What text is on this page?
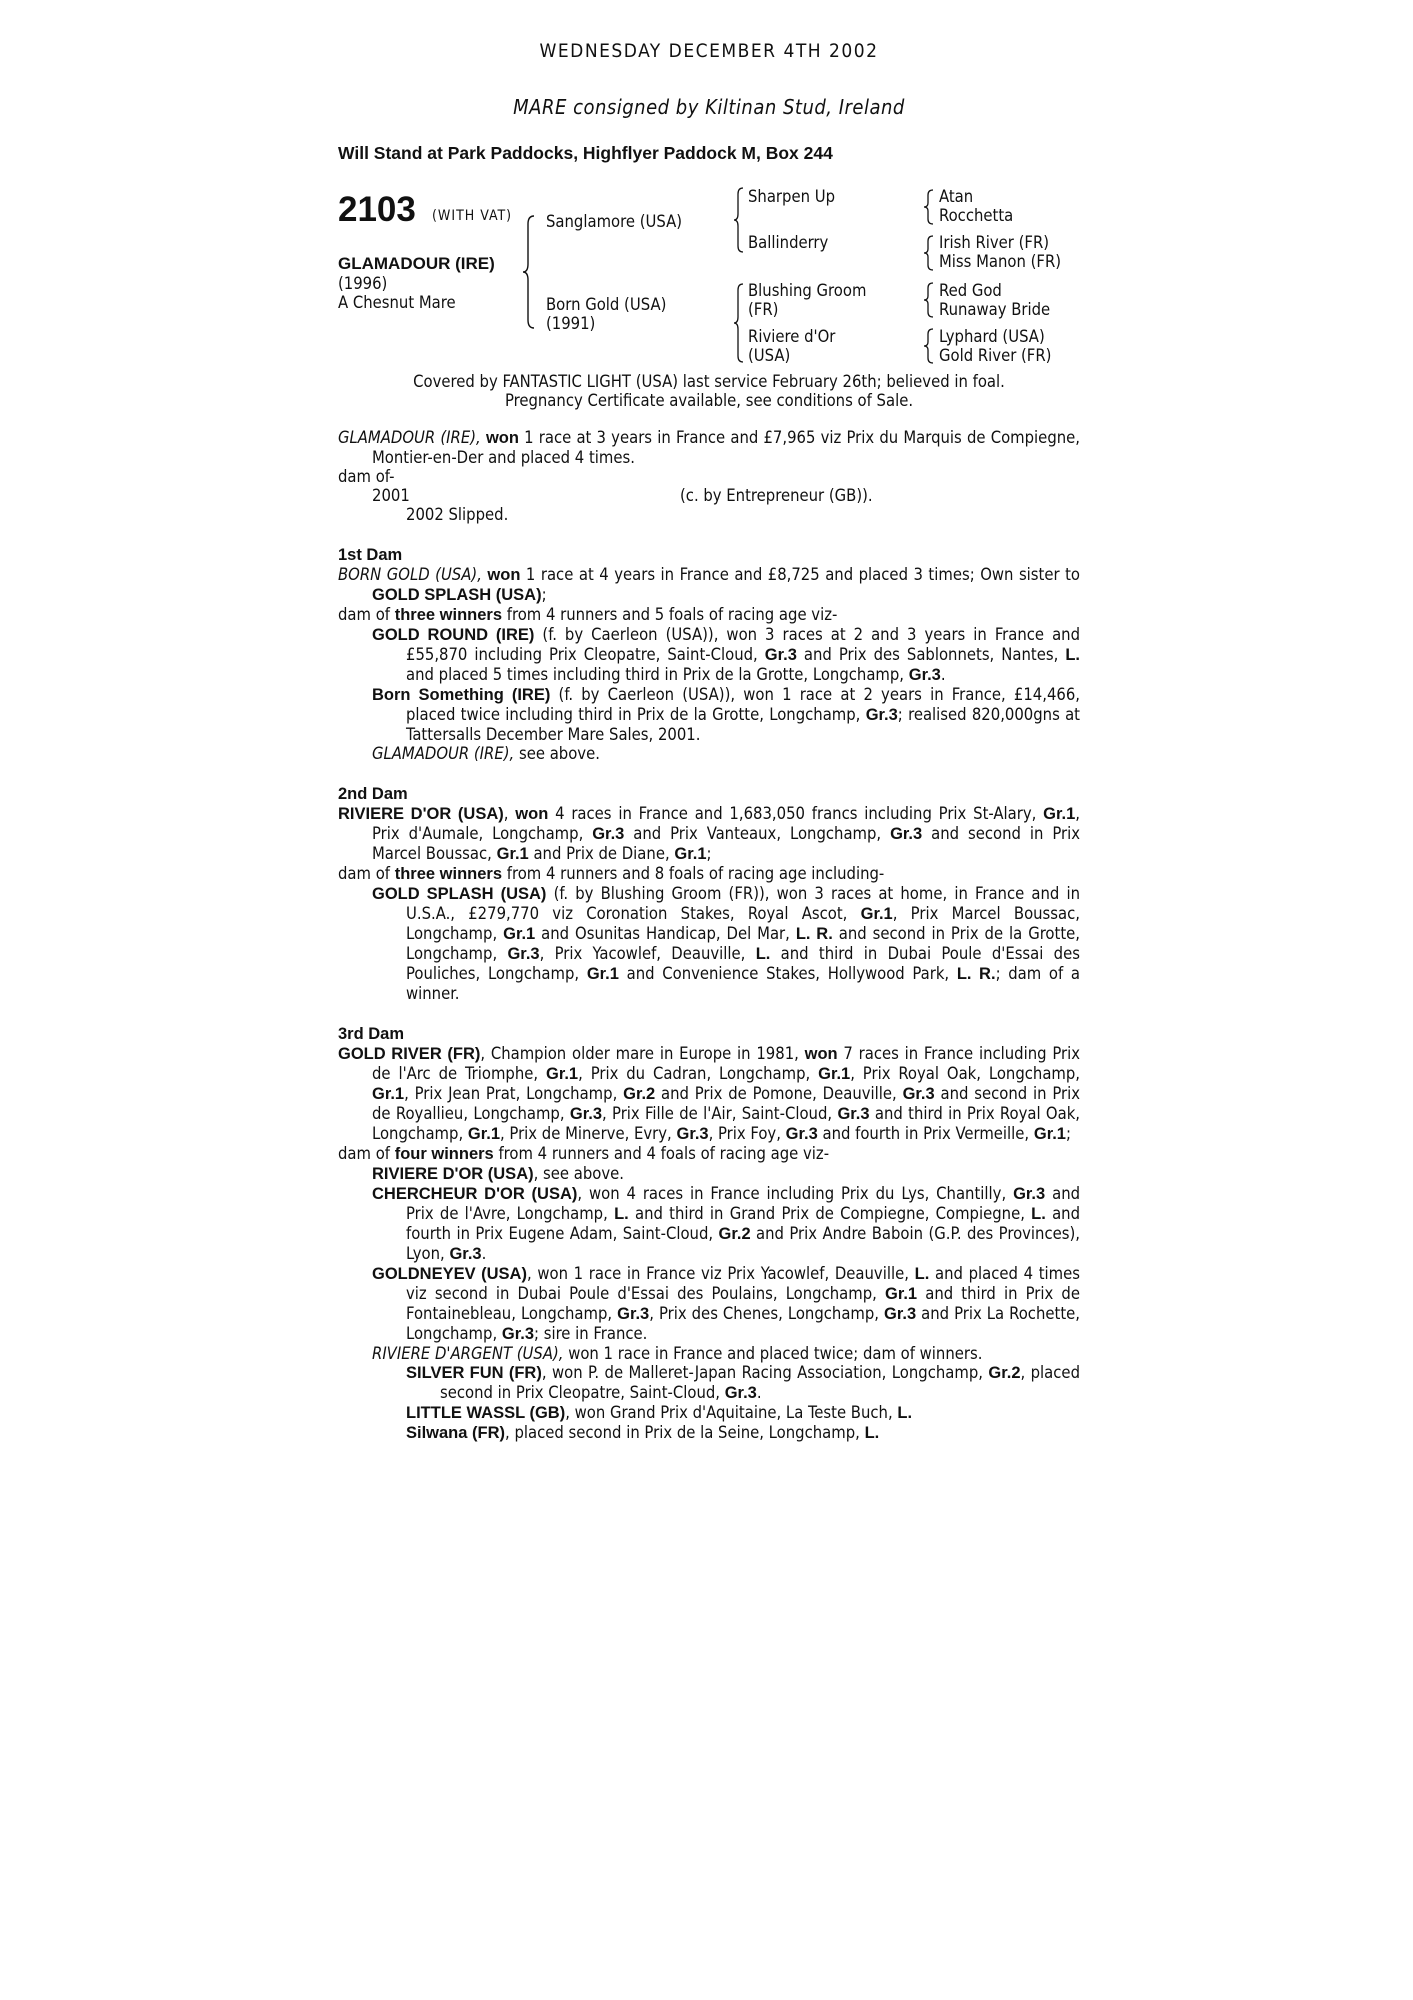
WEDNESDAY DECEMBER 4TH 2002
MARE consigned by Kiltinan Stud, Ireland
Will Stand at Park Paddocks, Highflyer Paddock M, Box 244
2103 (WITH VAT)
GLAMADOUR (IRE)
(1996)
A Chesnut Mare
Sanglamore (USA)
Born Gold (USA)
(1991)
Sharpen Up
Ballinderry
Blushing Groom
(FR)
Riviere d'Or
(USA)
Atan
Rocchetta
Irish River (FR)
Miss Manon (FR)
Red God
Runaway Bride
Lyphard (USA)
Gold River (FR)
Covered by FANTASTIC LIGHT (USA) last service February 26th; believed in foal.
Pregnancy Certificate available, see conditions of Sale.

GLAMADOUR (IRE), won 1 race at 3 years in France and £7,965 viz Prix du Marquis de Compiegne, Montier-en-Der and placed 4 times.

dam of-

2001	(c. by Entrepreneur (GB)).

2002 Slipped.

1st Dam

BORN GOLD (USA), won 1 race at 4 years in France and £8,725 and placed 3 times; Own sister to GOLD SPLASH (USA);

dam of three winners from 4 runners and 5 foals of racing age viz-

GOLD ROUND (IRE) (f. by Caerleon (USA)), won 3 races at 2 and 3 years in France and £55,870 including Prix Cleopatre, Saint-Cloud, Gr.3 and Prix des Sablonnets, Nantes, L. and placed 5 times including third in Prix de la Grotte, Longchamp, Gr.3.

Born Something (IRE) (f. by Caerleon (USA)), won 1 race at 2 years in France, £14,466, placed twice including third in Prix de la Grotte, Longchamp, Gr.3; realised 820,000gns at Tattersalls December Mare Sales, 2001.

GLAMADOUR (IRE), see above.

2nd Dam

RIVIERE D'OR (USA), won 4 races in France and 1,683,050 francs including Prix St-Alary, Gr.1, Prix d'Aumale, Longchamp, Gr.3 and Prix Vanteaux, Longchamp, Gr.3 and second in Prix Marcel Boussac, Gr.1 and Prix de Diane, Gr.1;

dam of three winners from 4 runners and 8 foals of racing age including-

GOLD SPLASH (USA) (f. by Blushing Groom (FR)), won 3 races at home, in France and in U.S.A., £279,770 viz Coronation Stakes, Royal Ascot, Gr.1, Prix Marcel Boussac, Longchamp, Gr.1 and Osunitas Handicap, Del Mar, L. R. and second in Prix de la Grotte, Longchamp, Gr.3, Prix Yacowlef, Deauville, L. and third in Dubai Poule d'Essai des Pouliches, Longchamp, Gr.1 and Convenience Stakes, Hollywood Park, L. R.; dam of a winner.

3rd Dam

GOLD RIVER (FR), Champion older mare in Europe in 1981, won 7 races in France including Prix de l'Arc de Triomphe, Gr.1, Prix du Cadran, Longchamp, Gr.1, Prix Royal Oak, Longchamp, Gr.1, Prix Jean Prat, Longchamp, Gr.2 and Prix de Pomone, Deauville, Gr.3 and second in Prix de Royallieu, Longchamp, Gr.3, Prix Fille de l'Air, Saint-Cloud, Gr.3 and third in Prix Royal Oak, Longchamp, Gr.1, Prix de Minerve, Evry, Gr.3, Prix Foy, Gr.3 and fourth in Prix Vermeille, Gr.1;

dam of four winners from 4 runners and 4 foals of racing age viz-

RIVIERE D'OR (USA), see above.

CHERCHEUR D'OR (USA), won 4 races in France including Prix du Lys, Chantilly, Gr.3 and Prix de l'Avre, Longchamp, L. and third in Grand Prix de Compiegne, Compiegne, L. and fourth in Prix Eugene Adam, Saint-Cloud, Gr.2 and Prix Andre Baboin (G.P. des Provinces), Lyon, Gr.3.

GOLDNEYEV (USA), won 1 race in France viz Prix Yacowlef, Deauville, L. and placed 4 times viz second in Dubai Poule d'Essai des Poulains, Longchamp, Gr.1 and third in Prix de Fontainebleau, Longchamp, Gr.3, Prix des Chenes, Longchamp, Gr.3 and Prix La Rochette, Longchamp, Gr.3; sire in France.

RIVIERE D'ARGENT (USA), won 1 race in France and placed twice; dam of winners.

SILVER FUN (FR), won P. de Malleret-Japan Racing Association, Longchamp, Gr.2, placed second in Prix Cleopatre, Saint-Cloud, Gr.3.

LITTLE WASSL (GB), won Grand Prix d'Aquitaine, La Teste Buch, L.

Silwana (FR), placed second in Prix de la Seine, Longchamp, L.
